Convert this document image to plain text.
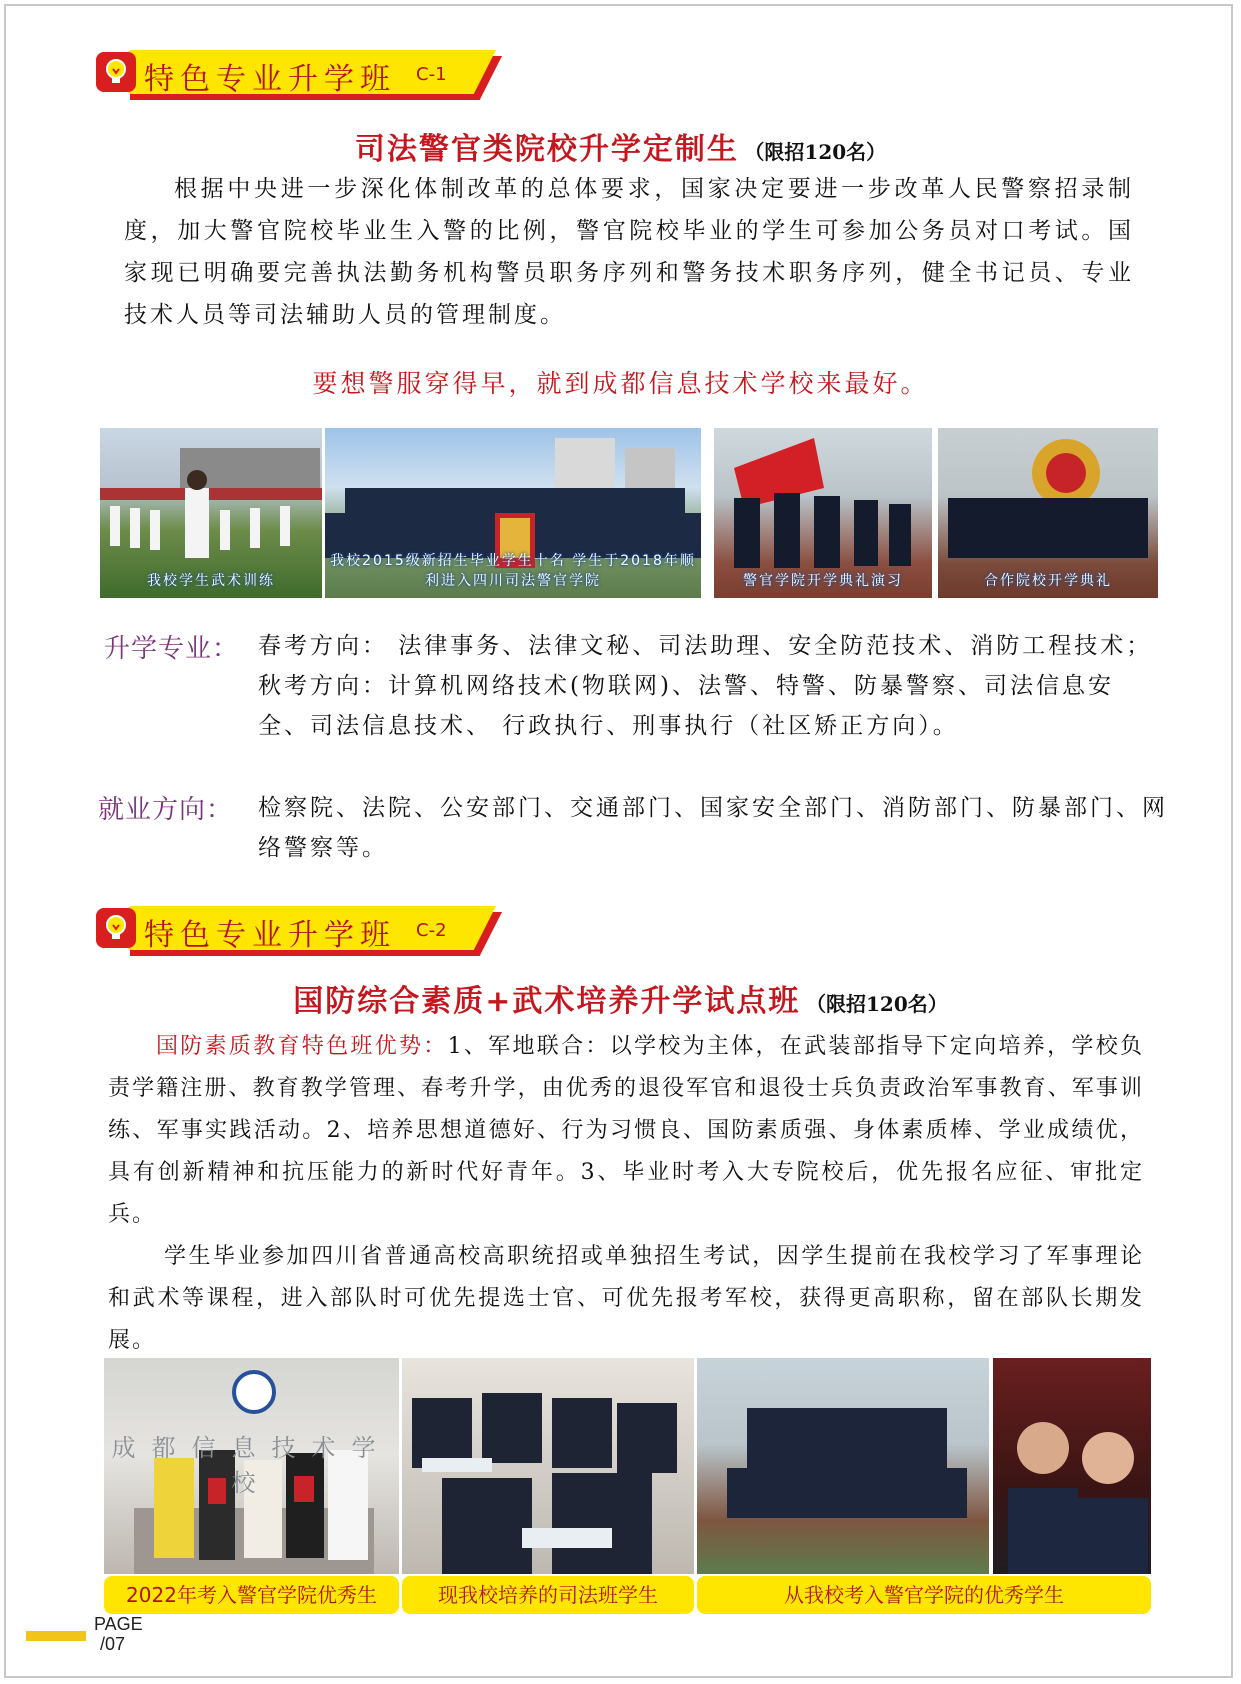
特色专业升学班 C-1
司法警官类院校升学定制生 （限招120名）
根据中央进一步深化体制改革的总体要求，国家决定要进一步改革人民警察招录制度，加大警官院校毕业生入警的比例，警官院校毕业的学生可参加公务员对口考试。国家现已明确要完善执法勤务机构警员职务序列和警务技术职务序列，健全书记员、专业技术人员等司法辅助人员的管理制度。
要想警服穿得早，就到成都信息技术学校来最好。
我校学生武术训练
我校2015级新招生毕业学生十名 学生于2018年顺利进入四川司法警官学院	警官学院开学典礼演习	合作院校开学典礼
升学专业： 春考方向： 法律事务、法律文秘、司法助理、安全防范技术、消防工程技术；秋考方向：计算机网络技术(物联网)、法警、特警、防暴警察、司法信息安全、司法信息技术、 行政执行、刑事执行（社区矫正方向）。
就业方向： 检察院、法院、公安部门、交通部门、国家安全部门、消防部门、防暴部门、网络警察等。
特色专业升学班 C-2
国防综合素质+武术培养升学试点班 （限招120名）
国防素质教育特色班优势：1、军地联合：以学校为主体，在武装部指导下定向培养，学校负责学籍注册、教育教学管理、春考升学，由优秀的退役军官和退役士兵负责政治军事教育、军事训练、军事实践活动。2、培养思想道德好、行为习惯良、国防素质强、身体素质棒、学业成绩优，具有创新精神和抗压能力的新时代好青年。3、毕业时考入大专院校后，优先报名应征、审批定兵。
学生毕业参加四川省普通高校高职统招或单独招生考试，因学生提前在我校学习了军事理论和武术等课程，进入部队时可优先提选士官、可优先报考军校，获得更高职称，留在部队长期发展。
成都信息技术学校
2022年考入警官学院优秀生	现我校培养的司法班学生	从我校考入警官学院的优秀学生
PAGE
/07
